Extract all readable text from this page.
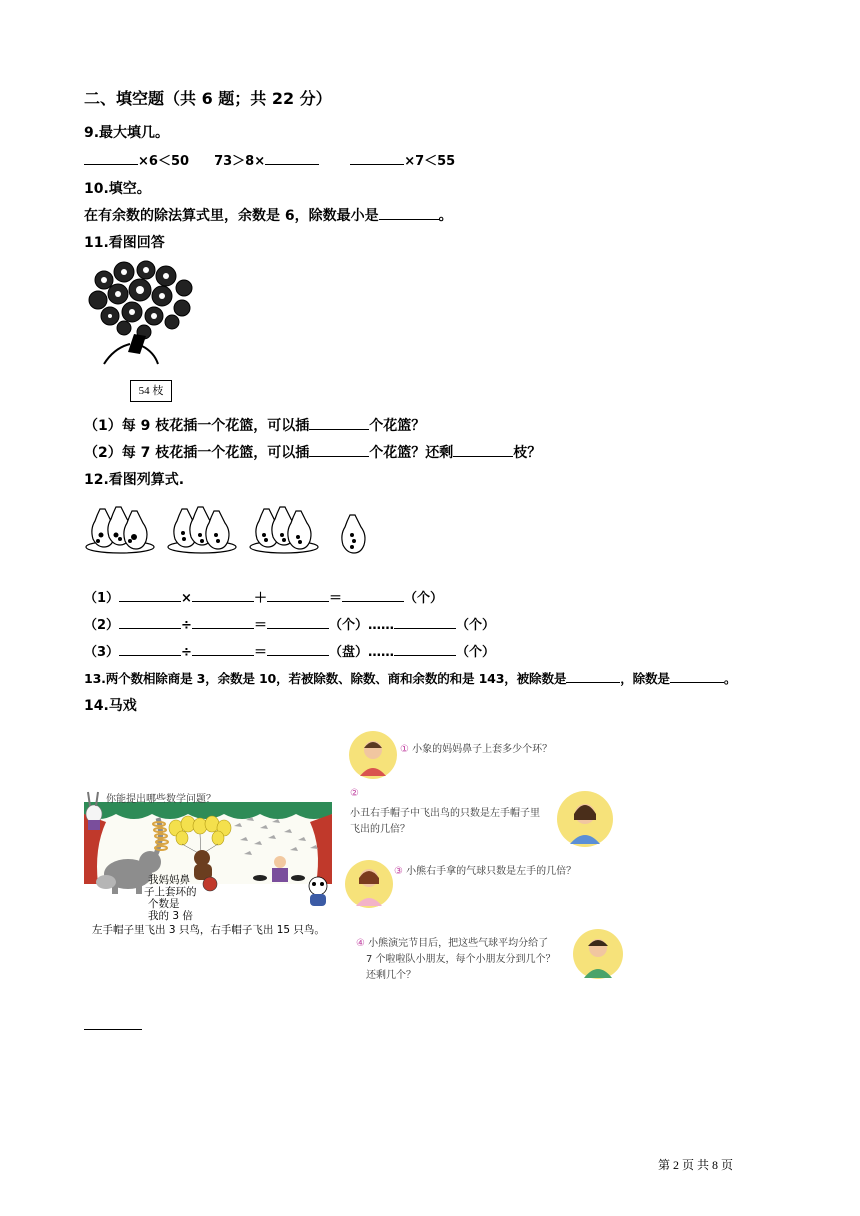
二、填空题（共 6 题；共 22 分）
9.最大填几。
×6＜50 73＞8×	×7＜55
10.填空。
在有余数的除法算式里，余数是 6，除数最小是	。
11.看图回答
54 枝
（1）每 9 枝花插一个花篮，可以插	个花篮？
（2）每 7 枝花插一个花篮，可以插	个花篮？还剩	枝？
12.看图列算式.
（1）	×	＋	＝	（个）
（2）	÷	＝	（个）……	（个）
（3）	÷	＝	（盘）……	（个）
13.两个数相除商是 3，余数是 10，若被除数、除数、商和余数的和是 143，被除数是	，除数是	。
14.马戏
你能提出哪些数学问题？
我妈妈鼻
子上套环的
个数是
我的 3 倍
左手帽子里飞出 3 只鸟，右手帽子飞出 15 只鸟。
① 小象的妈妈鼻子上套多少个环？
②
小丑右手帽子中飞出鸟的只数是左手帽子里
飞出的几倍？
③ 小熊右手拿的气球只数是左手的几倍？
④ 小熊演完节目后，把这些气球平均分给了
7 个啦啦队小朋友，每个小朋友分到几个？
还剩几个？
第 2 页 共 8 页
